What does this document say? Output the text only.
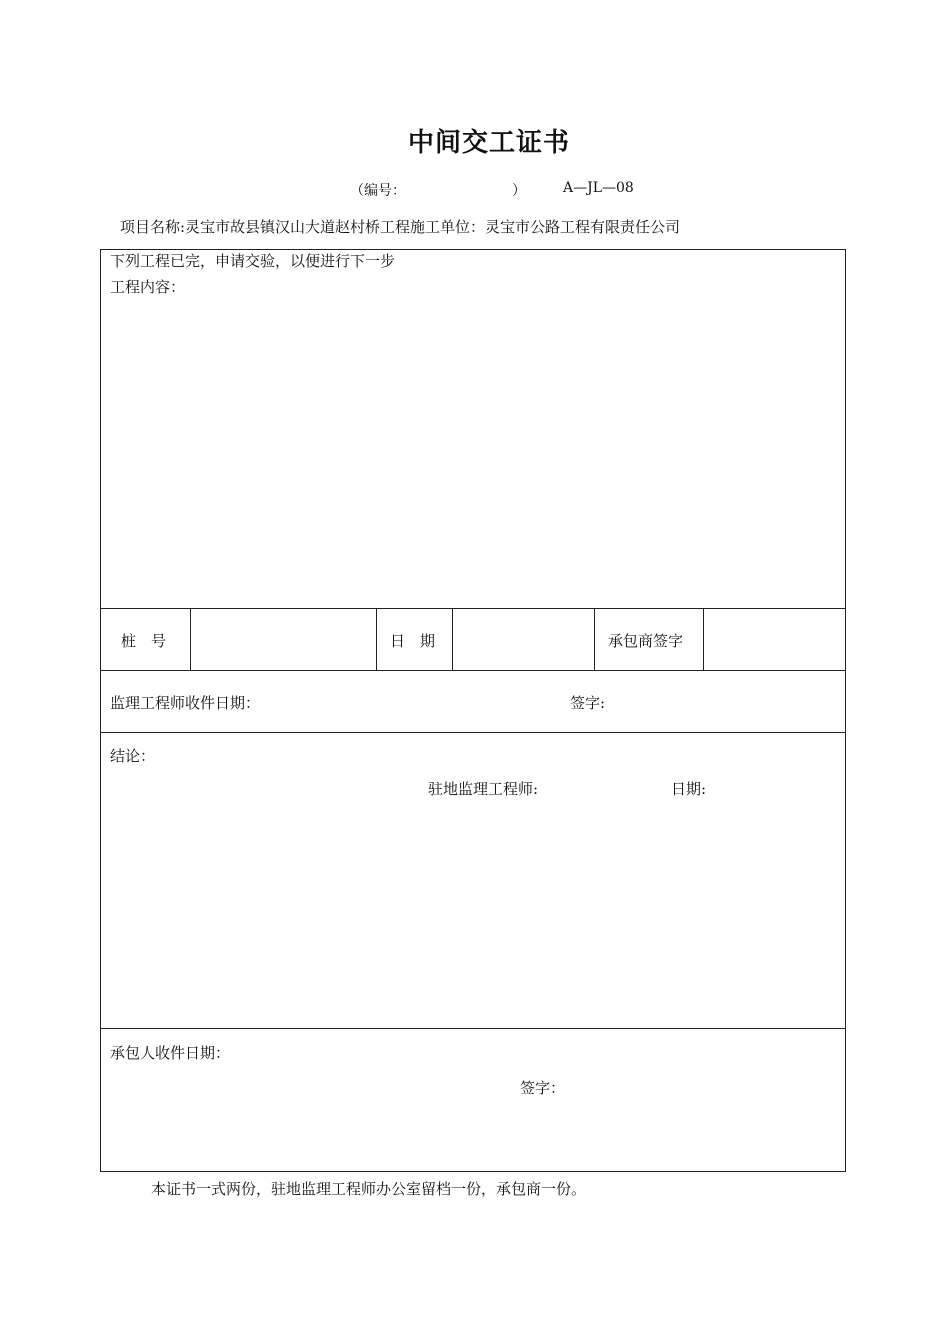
中间交工证书
（编号：	）	A—JL—08
项目名称:灵宝市故县镇汉山大道赵村桥工程施工单位：灵宝市公路工程有限责任公司
下列工程已完，申请交验，以便进行下一步
工程内容：
桩　号	日　期	承包商签字
监理工程师收件日期：	签字:
结论：
驻地监理工程师:	日期:
承包人收件日期：
签字：
本证书一式两份，驻地监理工程师办公室留档一份，承包商一份。
